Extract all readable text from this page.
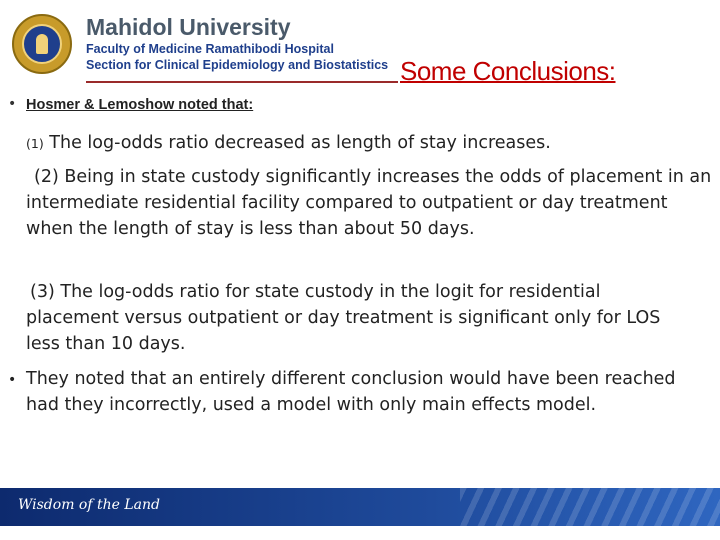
Mahidol University
Faculty of Medicine Ramathibodi Hospital
Section for Clinical Epidemiology and Biostatistics Some Conclusions:
• Hosmer & Lemoshow noted that:
(1) The log-odds ratio decreased as length of stay increases.
(2) Being in state custody significantly increases the odds of placement in an intermediate residential facility compared to outpatient or day treatment when the length of stay is less than about 50 days.
(3) The log-odds ratio for state custody in the logit for residential placement versus outpatient or day treatment is significant only for LOS less than 10 days.
• They noted that an entirely different conclusion would have been reached had they incorrectly, used a model with only main effects model.
Wisdom of the Land
